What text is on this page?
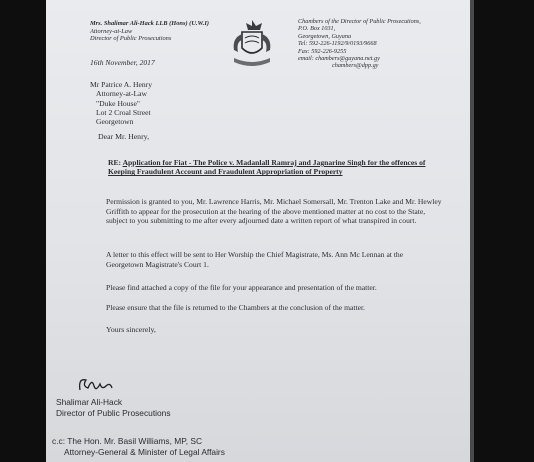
Mrs. Shalimar Ali-Hack LLB (Hons) (U.W.I)
Attorney-at-Law
Director of Public Prosecutions
Chambers of the Director of Public Prosecutions,
P.O. Box 1031,
Georgetown, Guyana
Tel: 592-226-1192/9/0193/9668
Fax: 592-226-9255
email: chambers@guyana.net.gy
chambers@dpp.gy
16th November, 2017
Mr Patrice A. Henry
Attorney-at-Law
"Duke House"
Lot 2 Croal Street
Georgetown
Dear Mr. Henry,
RE: Application for Fiat - The Police v. Madanlall Ramraj and Jagnarine Singh for the offences of Keeping Fraudulent Account and Fraudulent Appropriation of Property
Permission is granted to you, Mr. Lawrence Harris, Mr. Michael Somersall, Mr. Trenton Lake and Mr. Hewley Griffith to appear for the prosecution at the hearing of the above mentioned matter at no cost to the State, subject to you submitting to me after every adjourned date a written report of what transpired in court.
A letter to this effect will be sent to Her Worship the Chief Magistrate, Ms. Ann Mc Lennan at the Georgetown Magistrate's Court 1.
Please find attached a copy of the file for your appearance and presentation of the matter.
Please ensure that the file is returned to the Chambers at the conclusion of the matter.
Yours sincerely,
Shalimar Ali-Hack
Director of Public Prosecutions
c.c: The Hon. Mr. Basil Williams, MP, SC
Attorney-General & Minister of Legal Affairs
